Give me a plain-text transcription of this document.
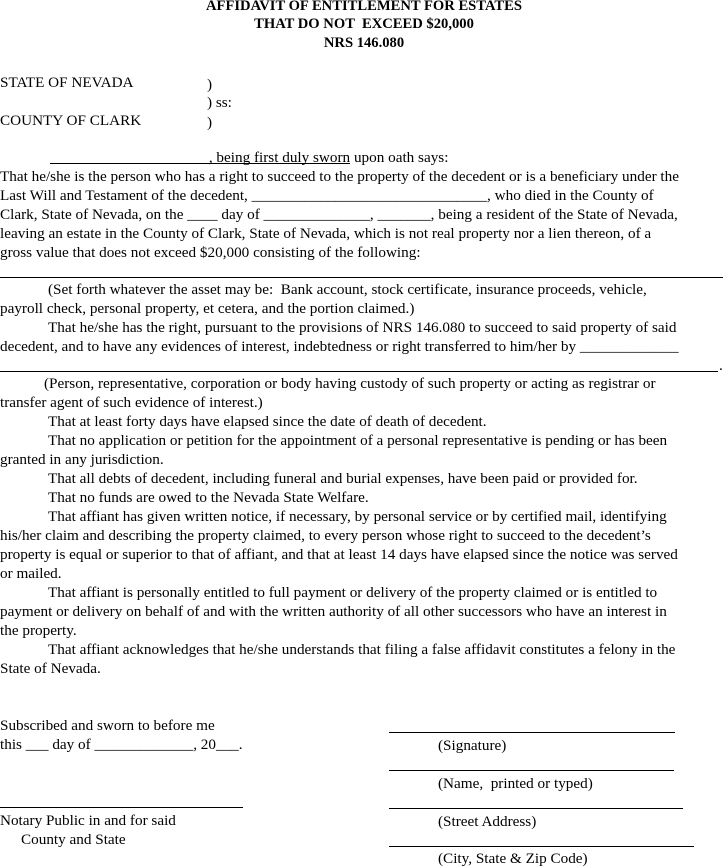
AFFIDAVIT OF ENTITLEMENT FOR ESTATES
THAT DO NOT  EXCEED $20,000
NRS 146.080
STATE OF NEVADA	)
) ss:
COUNTY OF CLARK	)
, being first duly sworn upon oath says:
That he/she is the person who has a right to succeed to the property of the decedent or is a beneficiary under the
Last Will and Testament of the decedent, _______________________________, who died in the County of
Clark, State of Nevada, on the ____ day of ______________, _______, being a resident of the State of Nevada,
leaving an estate in the County of Clark, State of Nevada, which is not real property nor a lien thereon, of a
gross value that does not exceed $20,000 consisting of the following:
(Set forth whatever the asset may be:  Bank account, stock certificate, insurance proceeds, vehicle,
payroll check, personal property, et cetera, and the portion claimed.)
That he/she has the right, pursuant to the provisions of NRS 146.080 to succeed to said property of said
decedent, and to have any evidences of interest, indebtedness or right transferred to him/her by _____________
.
(Person, representative, corporation or body having custody of such property or acting as registrar or
transfer agent of such evidence of interest.)
That at least forty days have elapsed since the date of death of decedent.
That no application or petition for the appointment of a personal representative is pending or has been
granted in any jurisdiction.
That all debts of decedent, including funeral and burial expenses, have been paid or provided for.
That no funds are owed to the Nevada State Welfare.
That affiant has given written notice, if necessary, by personal service or by certified mail, identifying
his/her claim and describing the property claimed, to every person whose right to succeed to the decedent’s
property is equal or superior to that of affiant, and that at least 14 days have elapsed since the notice was served
or mailed.
That affiant is personally entitled to full payment or delivery of the property claimed or is entitled to
payment or delivery on behalf of and with the written authority of all other successors who have an interest in
the property.
That affiant acknowledges that he/she understands that filing a false affidavit constitutes a felony in the
State of Nevada.
Subscribed and sworn to before me
this ___ day of _____________, 20___.
Notary Public in and for said
County and State
(Signature)
(Name,  printed or typed)
(Street Address)
(City, State & Zip Code)
